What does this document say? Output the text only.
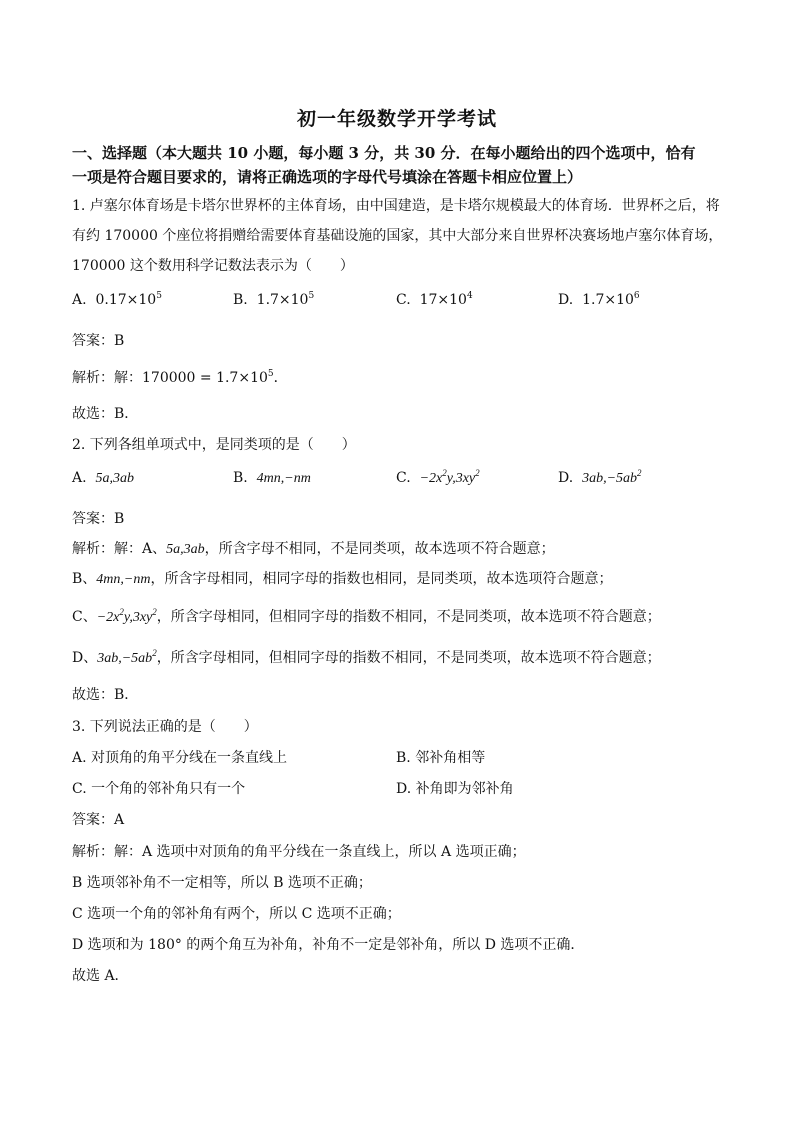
初一年级数学开学考试
一、选择题（本大题共 10 小题，每小题 3 分，共 30 分．在每小题给出的四个选项中，恰有
一项是符合题目要求的，请将正确选项的字母代号填涂在答题卡相应位置上）
1. 卢塞尔体育场是卡塔尔世界杯的主体育场，由中国建造，是卡塔尔规模最大的体育场．世界杯之后，将
有约 170000 个座位将捐赠给需要体育基础设施的国家，其中大部分来自世界杯决赛场地卢塞尔体育场，
170000 这个数用科学记数法表示为（　　）
A. $0.17\times 10^5$	B. $1.7\times 10^5$	C. $17\times 10^4$	D. $1.7\times 10^6$
答案：B
解析：解：$170000 = 1.7\times 10^5$．
故选：B．
2. 下列各组单项式中，是同类项的是（　　）
A. 5a,3ab	B. 4mn,−nm	C. $-2x^2y,3xy^2$	D. $3ab,-5ab^2$
答案：B
解析：解：A、5a,3ab，所含字母不相同，不是同类项，故本选项不符合题意；
B、4mn,−nm，所含字母相同，相同字母的指数也相同，是同类项，故本选项符合题意；
C、$-2x^2y,3xy^2$，所含字母相同，但相同字母的指数不相同，不是同类项，故本选项不符合题意；
D、$3ab,-5ab^2$，所含字母相同，但相同字母的指数不相同，不是同类项，故本选项不符合题意；
故选：B．
3. 下列说法正确的是（　　）
A. 对顶角的角平分线在一条直线上	B. 邻补角相等
C. 一个角的邻补角只有一个	D. 补角即为邻补角
答案：A
解析：解：A 选项中对顶角的角平分线在一条直线上，所以 A 选项正确；
B 选项邻补角不一定相等，所以 B 选项不正确；
C 选项一个角的邻补角有两个，所以 C 选项不正确；
D 选项和为 180° 的两个角互为补角，补角不一定是邻补角，所以 D 选项不正确．
故选 A．
